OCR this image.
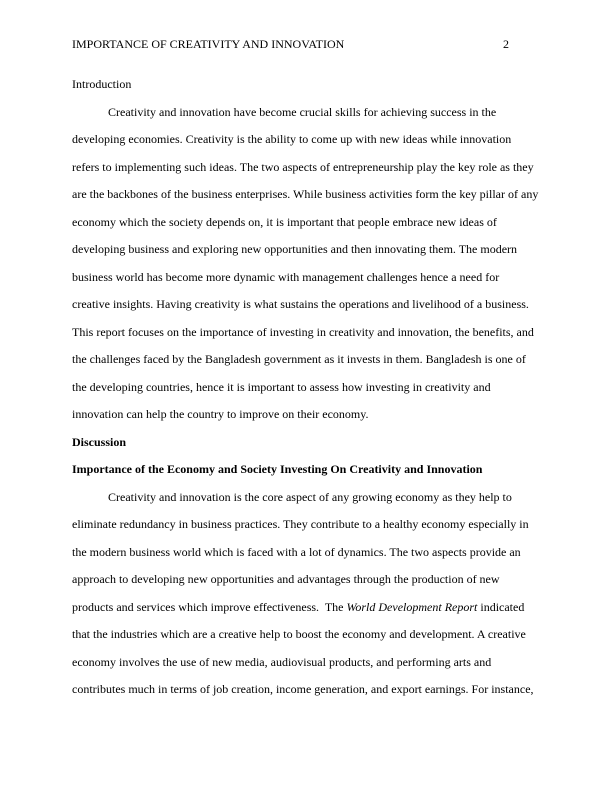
IMPORTANCE OF CREATIVITY AND INNOVATION	2
Introduction
Creativity and innovation have become crucial skills for achieving success in the
developing economies. Creativity is the ability to come up with new ideas while innovation
refers to implementing such ideas. The two aspects of entrepreneurship play the key role as they
are the backbones of the business enterprises. While business activities form the key pillar of any
economy which the society depends on, it is important that people embrace new ideas of
developing business and exploring new opportunities and then innovating them. The modern
business world has become more dynamic with management challenges hence a need for
creative insights. Having creativity is what sustains the operations and livelihood of a business.
This report focuses on the importance of investing in creativity and innovation, the benefits, and
the challenges faced by the Bangladesh government as it invests in them. Bangladesh is one of
the developing countries, hence it is important to assess how investing in creativity and
innovation can help the country to improve on their economy.
Discussion
Importance of the Economy and Society Investing On Creativity and Innovation
Creativity and innovation is the core aspect of any growing economy as they help to
eliminate redundancy in business practices. They contribute to a healthy economy especially in
the modern business world which is faced with a lot of dynamics. The two aspects provide an
approach to developing new opportunities and advantages through the production of new
products and services which improve effectiveness.  The World Development Report indicated
that the industries which are a creative help to boost the economy and development. A creative
economy involves the use of new media, audiovisual products, and performing arts and
contributes much in terms of job creation, income generation, and export earnings. For instance,
